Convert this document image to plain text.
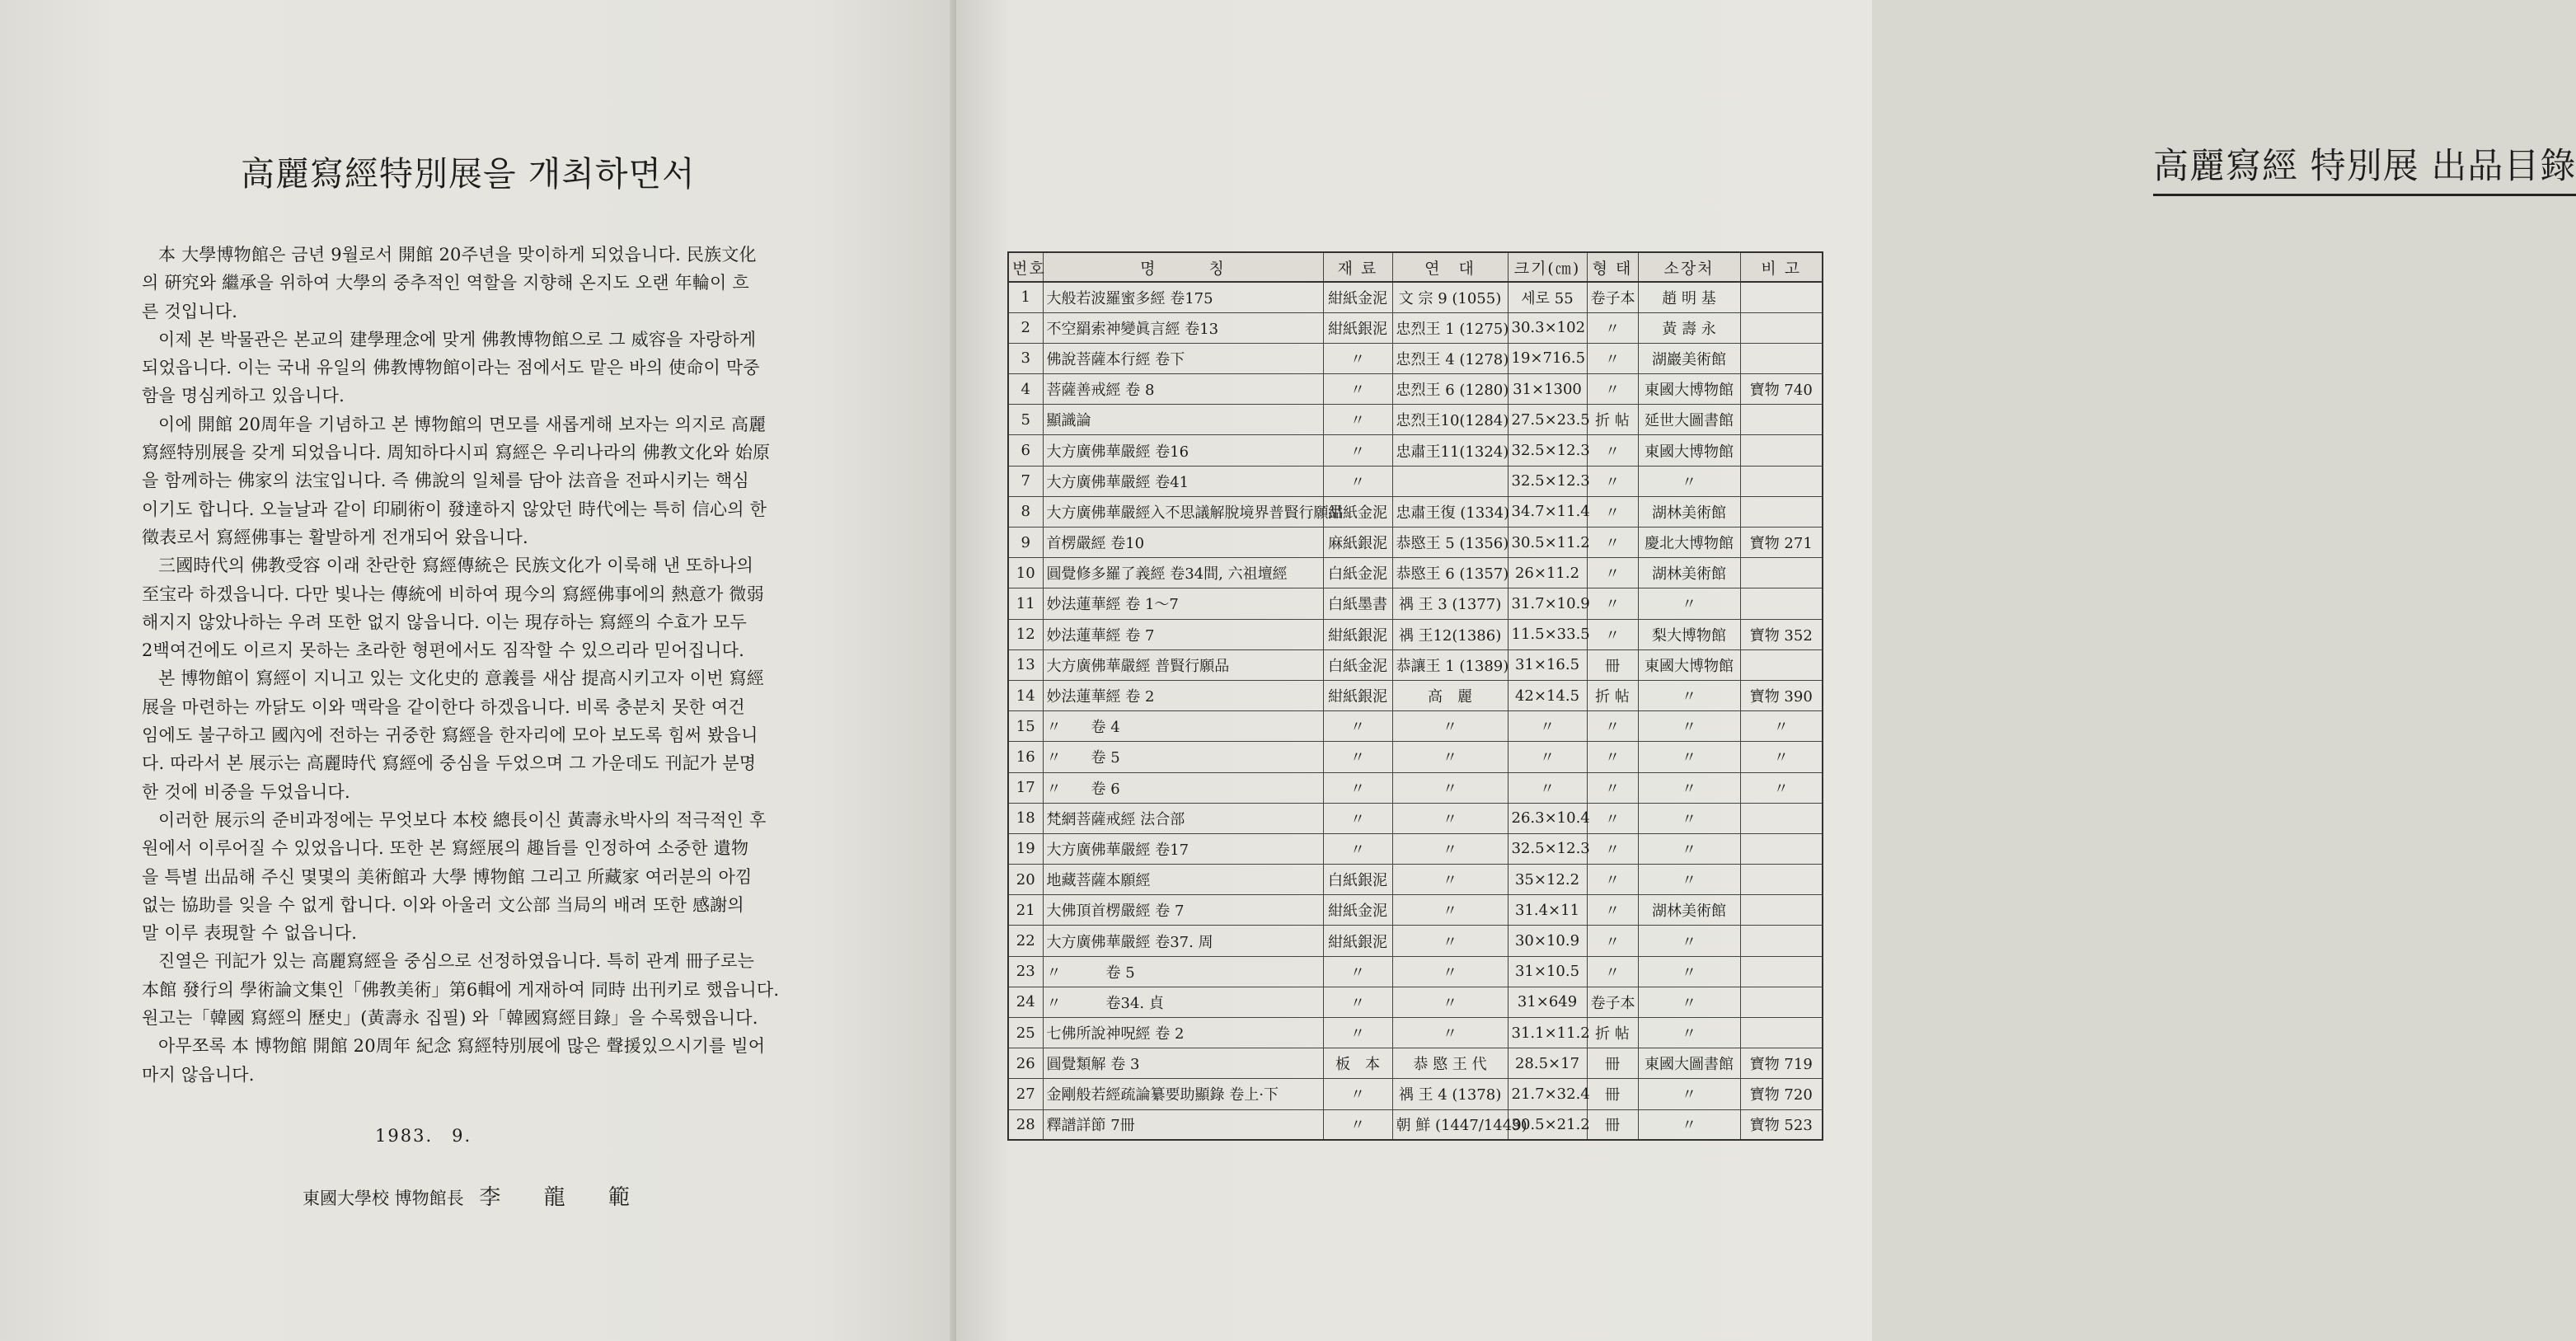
高麗寫經特別展을 개최하면서
本 大學博物館은 금년 9월로서 開館 20주년을 맞이하게 되었읍니다. 民族文化
의 硏究와 繼承을 위하여 大學의 중추적인 역할을 지향해 온지도 오랜 年輪이 흐
른 것입니다.
이제 본 박물관은 본교의 建學理念에 맞게 佛教博物館으로 그 威容을 자랑하게
되었읍니다. 이는 국내 유일의 佛教博物館이라는 점에서도 맡은 바의 使命이 막중
함을 명심케하고 있읍니다.
이에 開館 20周年을 기념하고 본 博物館의 면모를 새롭게해 보자는 의지로 高麗
寫經特別展을 갖게 되었읍니다. 周知하다시피 寫經은 우리나라의 佛教文化와 始原
을 함께하는 佛家의 法宝입니다. 즉 佛說의 일체를 담아 法音을 전파시키는 핵심
이기도 합니다. 오늘날과 같이 印刷術이 發達하지 않았던 時代에는 특히 信心의 한
徵表로서 寫經佛事는 활발하게 전개되어 왔읍니다.
三國時代의 佛教受容 이래 찬란한 寫經傳統은 民族文化가 이룩해 낸 또하나의
至宝라 하겠읍니다. 다만 빛나는 傳統에 비하여 現今의 寫經佛事에의 熱意가 微弱
해지지 않았나하는 우려 또한 없지 않읍니다. 이는 現存하는 寫經의 수효가 모두
2백여건에도 이르지 못하는 초라한 형편에서도 짐작할 수 있으리라 믿어집니다.
본 博物館이 寫經이 지니고 있는 文化史的 意義를 새삼 提高시키고자 이번 寫經
展을 마련하는 까닭도 이와 맥락을 같이한다 하겠읍니다. 비록 충분치 못한 여건
임에도 불구하고 國內에 전하는 귀중한 寫經을 한자리에 모아 보도록 힘써 봤읍니
다. 따라서 본 展示는 高麗時代 寫經에 중심을 두었으며 그 가운데도 刊記가 분명
한 것에 비중을 두었읍니다.
이러한 展示의 준비과정에는 무엇보다 本校 總長이신 黃壽永박사의 적극적인 후
원에서 이루어질 수 있었읍니다. 또한 본 寫經展의 趣旨를 인정하여 소중한 遺物
을 특별 出品해 주신 몇몇의 美術館과 大學 博物館 그리고 所藏家 여러분의 아낌
없는 協助를 잊을 수 없게 합니다. 이와 아울러 文公部 当局의 배려 또한 感謝의
말 이루 表現할 수 없읍니다.
진열은 刊記가 있는 高麗寫經을 중심으로 선정하였읍니다. 특히 관계 冊子로는
本館 發行의 學術論文集인「佛教美術」第6輯에 게재하여 同時 出刊키로 했읍니다.
원고는「韓國 寫經의 歷史」(黃壽永 집필) 와「韓國寫經目錄」을 수록했읍니다.
아무쪼록 本 博物館 開館 20周年 紀念 寫經特別展에 많은 聲援있으시기를 빌어
마지 않읍니다.
1983.　9.
東國大學校 博物館長 李 龍 範
高麗寫經 特別展 出品目錄
번호	명　　　칭	재 료	연　대	크기(㎝)	형 태	소장처	비 고
1	大般若波羅蜜多經 卷175	紺紙金泥	文 宗 9 (1055)	세로 55	卷子本	趙 明 基	
2	不空羂索神變眞言經 卷13	紺紙銀泥	忠烈王 1 (1275)	30.3×102	〃	黃 壽 永	
3	佛說菩薩本行經 卷下	〃	忠烈王 4 (1278)	19×716.5	〃	湖巖美術館	
4	菩薩善戒經 卷 8	〃	忠烈王 6 (1280)	31×1300	〃	東國大博物館	寶物 740
5	顯識論	〃	忠烈王10(1284)	27.5×23.5	折 帖	延世大圖書館	
6	大方廣佛華嚴經 卷16	〃	忠肅王11(1324)	32.5×12.3	〃	東國大博物館	
7	大方廣佛華嚴經 卷41	〃		32.5×12.3	〃	〃	
8	大方廣佛華嚴經入不思議解脫境界普賢行願品	紺紙金泥	忠肅王復 (1334)	34.7×11.4	〃	湖林美術館	
9	首楞嚴經 卷10	麻紙銀泥	恭愍王 5 (1356)	30.5×11.2	〃	慶北大博物館	寶物 271
10	圓覺修多羅了義經 卷34間, 六祖壇經	白紙金泥	恭愍王 6 (1357)	26×11.2	〃	湖林美術館	
11	妙法蓮華經 卷 1～7	白紙墨書	禑 王 3 (1377)	31.7×10.9	〃	〃	
12	妙法蓮華經 卷 7	紺紙銀泥	禑 王12(1386)	11.5×33.5	〃	梨大博物館	寶物 352
13	大方廣佛華嚴經 普賢行願品	白紙金泥	恭讓王 1 (1389)	31×16.5	冊	東國大博物館	
14	妙法蓮華經 卷 2	紺紙銀泥	高　麗	42×14.5	折 帖	〃	寶物 390
15	〃　　卷 4	〃	〃	〃	〃	〃	〃
16	〃　　卷 5	〃	〃	〃	〃	〃	〃
17	〃　　卷 6	〃	〃	〃	〃	〃	〃
18	梵網菩薩戒經 法合部	〃	〃	26.3×10.4	〃	〃	
19	大方廣佛華嚴經 卷17	〃	〃	32.5×12.3	〃	〃	
20	地藏菩薩本願經	白紙銀泥	〃	35×12.2	〃	〃	
21	大佛頂首楞嚴經 卷 7	紺紙金泥	〃	31.4×11	〃	湖林美術館	
22	大方廣佛華嚴經 卷37. 周	紺紙銀泥	〃	30×10.9	〃	〃	
23	〃　　　卷 5	〃	〃	31×10.5	〃	〃	
24	〃　　　卷34. 貞	〃	〃	31×649	卷子本	〃	
25	七佛所說神呪經 卷 2	〃	〃	31.1×11.2	折 帖	〃	
26	圓覺類解 卷 3	板　本	恭 愍 王 代	28.5×17	冊	東國大圖書館	寶物 719
27	金剛般若經疏論纂要助顯錄 卷上·下	〃	禑 王 4 (1378)	21.7×32.4	冊	〃	寶物 720
28	釋譜詳節 7冊	〃	朝 鮮 (1447/1449)	30.5×21.2	冊	〃	寶物 523
